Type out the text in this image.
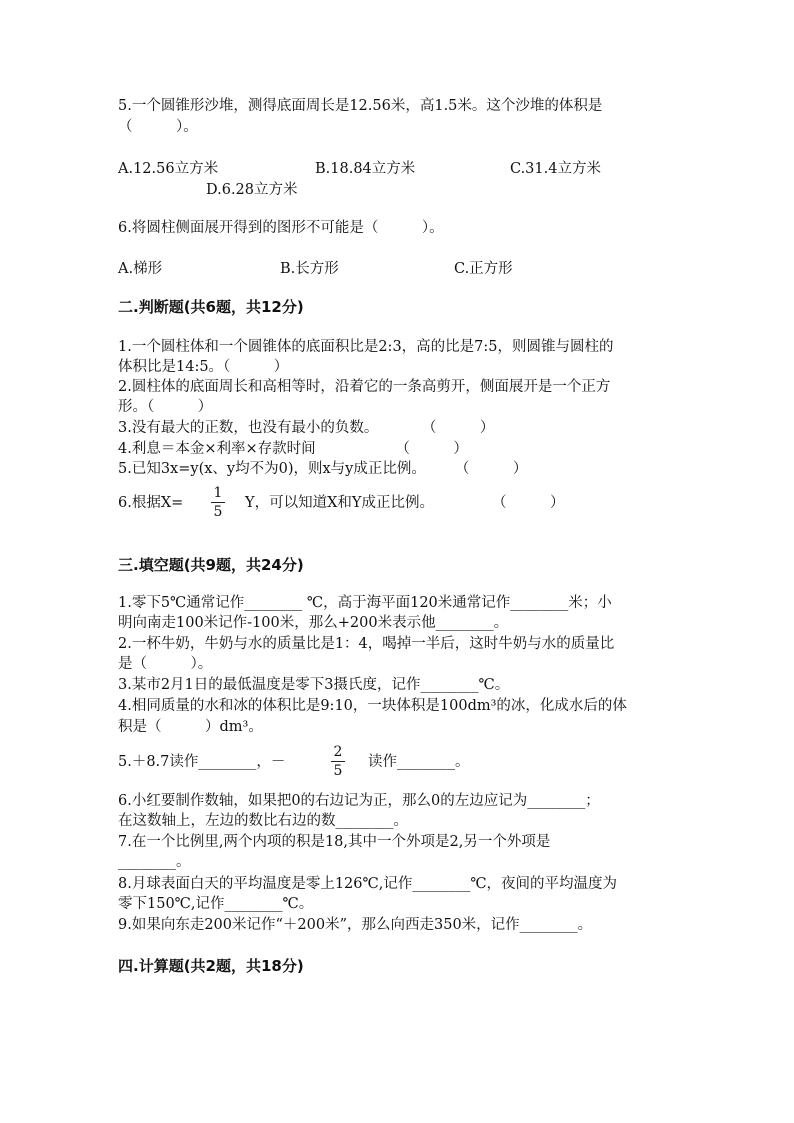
5.一个圆锥形沙堆，测得底面周长是12.56米，高1.5米。这个沙堆的体积是
（　　　）。
A.12.56立方米	B.18.84立方米	C.31.4立方米
D.6.28立方米
6.将圆柱侧面展开得到的图形不可能是（　　　）。
A.梯形	B.长方形	C.正方形
二.判断题(共6题，共12分)
1.一个圆柱体和一个圆锥体的底面积比是2:3，高的比是7:5，则圆锥与圆柱的
体积比是14:5。（　　　）
2.圆柱体的底面周长和高相等时，沿着它的一条高剪开，侧面展开是一个正方
形。（　　　）
3.没有最大的正数，也没有最小的负数。　　　　（　　　）
4.利息＝本金×利率×存款时间　　　　　　（　　　）
5.已知3x=y(x、y均不为0)，则x与y成正比例。　　　（　　　）
6.根据X=
1
5
Y，可以知道X和Y成正比例。　　　　　（　　　）
三.填空题(共9题，共24分)
1.零下5℃通常记作________ ℃，高于海平面120米通常记作________米；小
明向南走100米记作-100米，那么+200米表示他________。
2.一杯牛奶，牛奶与水的质量比是1：4，喝掉一半后，这时牛奶与水的质量比
是（　　　）。
3.某市2月1日的最低温度是零下3摄氏度，记作________℃。
4.相同质量的水和冰的体积比是9:10，一块体积是100dm³的冰，化成水后的体
积是（　　　）dm³。
5.＋8.7读作________，－
2
5
读作________。
6.小红要制作数轴，如果把0的右边记为正，那么0的左边应记为________；
在这数轴上，左边的数比右边的数________。
7.在一个比例里,两个内项的积是18,其中一个外项是2,另一个外项是
________。
8.月球表面白天的平均温度是零上126℃,记作________℃，夜间的平均温度为
零下150℃,记作________℃。
9.如果向东走200米记作“＋200米”，那么向西走350米，记作________。
四.计算题(共2题，共18分)
